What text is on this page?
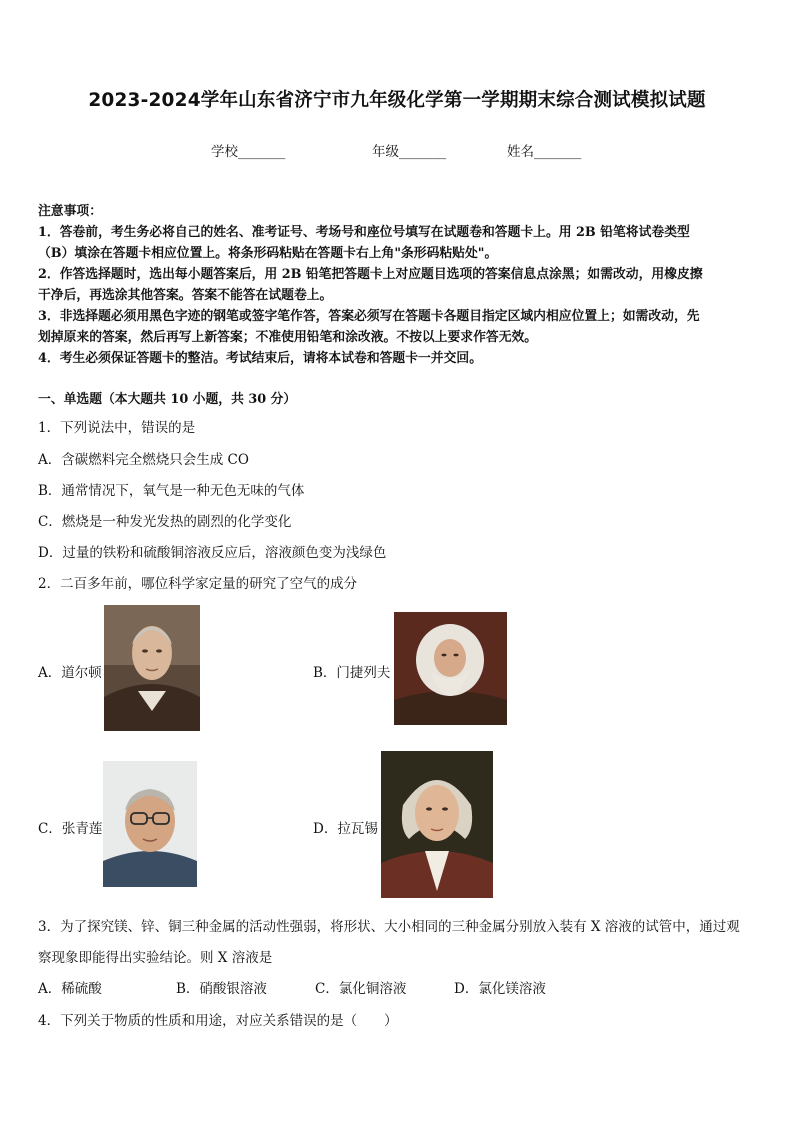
2023-2024学年山东省济宁市九年级化学第一学期期末综合测试模拟试题
学校_______	年级_______	姓名_______
注意事项：
1．答卷前，考生务必将自己的姓名、准考证号、考场号和座位号填写在试题卷和答题卡上。用 2B 铅笔将试卷类型
（B）填涂在答题卡相应位置上。将条形码粘贴在答题卡右上角"条形码粘贴处"。
2．作答选择题时，选出每小题答案后，用 2B 铅笔把答题卡上对应题目选项的答案信息点涂黑；如需改动，用橡皮擦
干净后，再选涂其他答案。答案不能答在试题卷上。
3．非选择题必须用黑色字迹的钢笔或签字笔作答，答案必须写在答题卡各题目指定区域内相应位置上；如需改动，先
划掉原来的答案，然后再写上新答案；不准使用铅笔和涂改液。不按以上要求作答无效。
4．考生必须保证答题卡的整洁。考试结束后，请将本试卷和答题卡一并交回。
一、单选题（本大题共 10 小题，共 30 分）
1．下列说法中，错误的是
A．含碳燃料完全燃烧只会生成 CO
B．通常情况下，氧气是一种无色无味的气体
C．燃烧是一种发光发热的剧烈的化学变化
D．过量的铁粉和硫酸铜溶液反应后，溶液颜色变为浅绿色
2．二百多年前，哪位科学家定量的研究了空气的成分
A．道尔顿	B．门捷列夫
C．张青莲	D．拉瓦锡
3．为了探究镁、锌、铜三种金属的活动性强弱，将形状、大小相同的三种金属分别放入装有 X 溶液的试管中，通过观
察现象即能得出实验结论。则 X 溶液是
A．稀硫酸	B．硝酸银溶液	C．氯化铜溶液	D．氯化镁溶液
4．下列关于物质的性质和用途，对应关系错误的是（　　）
